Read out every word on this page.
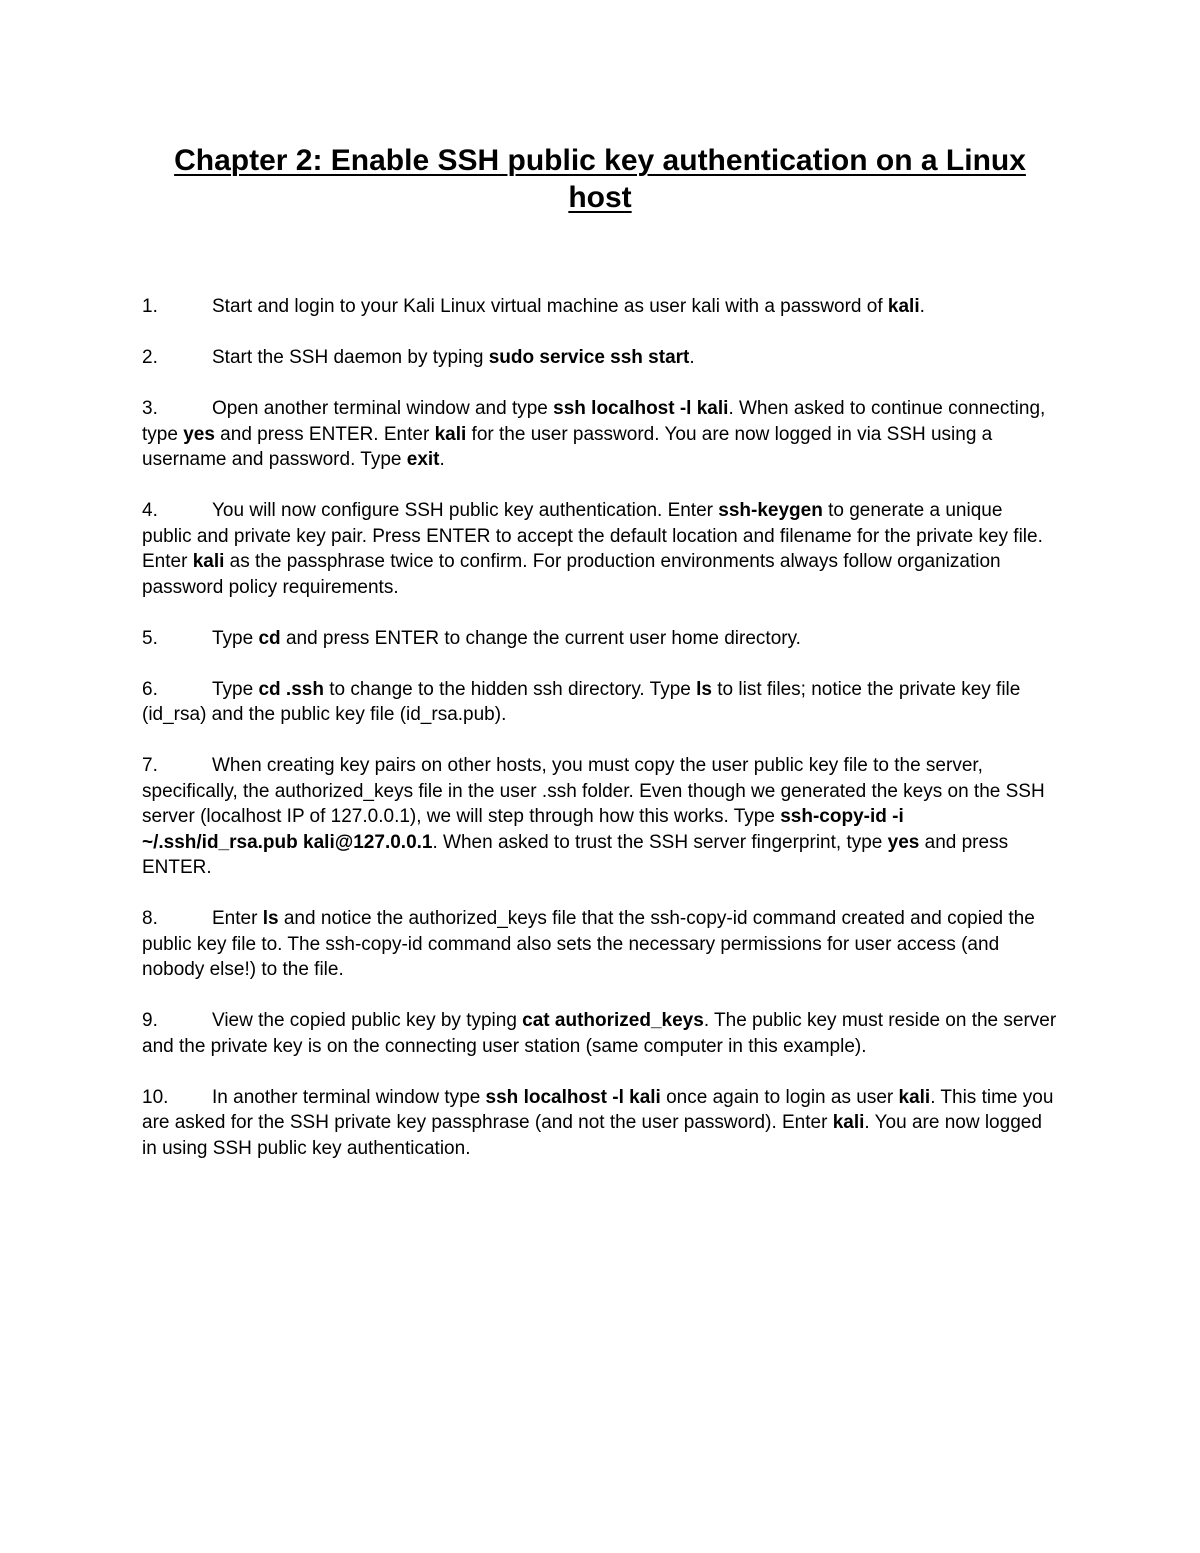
Chapter 2: Enable SSH public key authentication on a Linux host
1.	Start and login to your Kali Linux virtual machine as user kali with a password of kali.
2.	Start the SSH daemon by typing sudo service ssh start.
3.	Open another terminal window and type ssh localhost -l kali. When asked to continue connecting, type yes and press ENTER. Enter kali for the user password. You are now logged in via SSH using a username and password. Type exit.
4.	You will now configure SSH public key authentication. Enter ssh-keygen to generate a unique public and private key pair. Press ENTER to accept the default location and filename for the private key file. Enter kali as the passphrase twice to confirm. For production environments always follow organization password policy requirements.
5.	Type cd and press ENTER to change the current user home directory.
6.	Type cd .ssh to change to the hidden ssh directory. Type ls to list files; notice the private key file (id_rsa) and the public key file (id_rsa.pub).
7.	When creating key pairs on other hosts, you must copy the user public key file to the server, specifically, the authorized_keys file in the user .ssh folder. Even though we generated the keys on the SSH server (localhost IP of 127.0.0.1), we will step through how this works. Type ssh-copy-id -i ~/.ssh/id_rsa.pub kali@127.0.0.1. When asked to trust the SSH server fingerprint, type yes and press ENTER.
8.	Enter ls and notice the authorized_keys file that the ssh-copy-id command created and copied the public key file to. The ssh-copy-id command also sets the necessary permissions for user access (and nobody else!) to the file.
9.	View the copied public key by typing cat authorized_keys. The public key must reside on the server and the private key is on the connecting user station (same computer in this example).
10. In another terminal window type ssh localhost -l kali once again to login as user kali. This time you are asked for the SSH private key passphrase (and not the user password). Enter kali. You are now logged in using SSH public key authentication.
